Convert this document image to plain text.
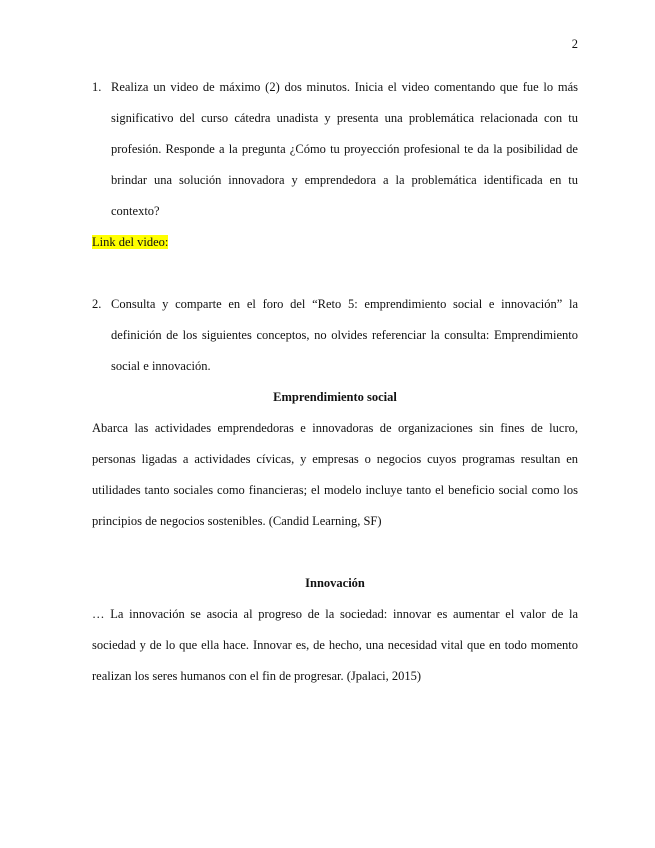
2
1. Realiza un video de máximo (2) dos minutos. Inicia el video comentando que fue lo más significativo del curso cátedra unadista y presenta una problemática relacionada con tu profesión. Responde a la pregunta ¿Cómo tu proyección profesional te da la posibilidad de brindar una solución innovadora y emprendedora a la problemática identificada en tu contexto?

Link del video:

2. Consulta y comparte en el foro del “Reto 5: emprendimiento social e innovación” la definición de los siguientes conceptos, no olvides referenciar la consulta: Emprendimiento social e innovación.

Emprendimiento social

Abarca las actividades emprendedoras e innovadoras de organizaciones sin fines de lucro, personas ligadas a actividades cívicas, y empresas o negocios cuyos programas resultan en utilidades tanto sociales como financieras; el modelo incluye tanto el beneficio social como los principios de negocios sostenibles. (Candid Learning, SF)

Innovación

… La innovación se asocia al progreso de la sociedad: innovar es aumentar el valor de la sociedad y de lo que ella hace. Innovar es, de hecho, una necesidad vital que en todo momento realizan los seres humanos con el fin de progresar. (Jpalaci, 2015)
